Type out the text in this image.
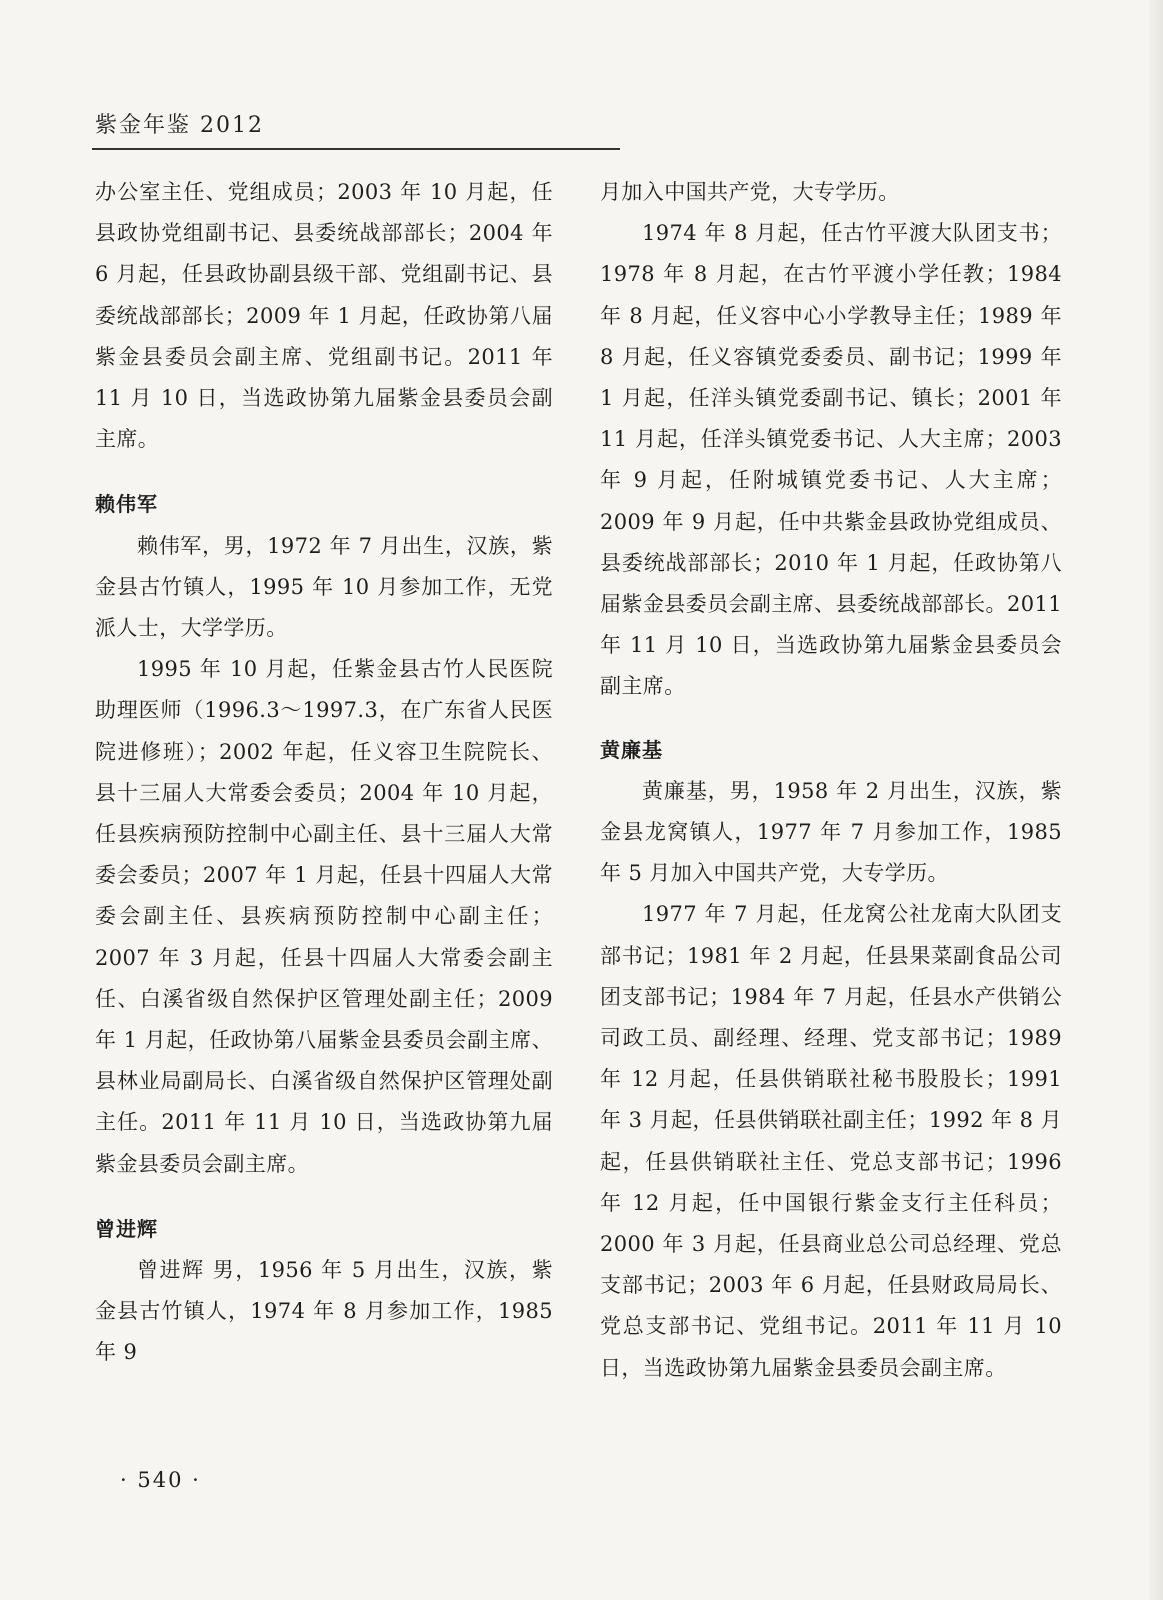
紫金年鉴 2012

办公室主任、党组成员；2003 年 10 月起，任县政协党组副书记、县委统战部部长；2004 年 6 月起，任县政协副县级干部、党组副书记、县委统战部部长；2009 年 1 月起，任政协第八届紫金县委员会副主席、党组副书记。2011 年 11 月 10 日，当选政协第九届紫金县委员会副主席。

赖伟军

赖伟军，男，1972 年 7 月出生，汉族，紫金县古竹镇人，1995 年 10 月参加工作，无党派人士，大学学历。

1995 年 10 月起，任紫金县古竹人民医院助理医师（1996.3～1997.3，在广东省人民医院进修班）；2002 年起，任义容卫生院院长、县十三届人大常委会委员；2004 年 10 月起，任县疾病预防控制中心副主任、县十三届人大常委会委员；2007 年 1 月起，任县十四届人大常委会副主任、县疾病预防控制中心副主任；2007 年 3 月起，任县十四届人大常委会副主任、白溪省级自然保护区管理处副主任；2009 年 1 月起，任政协第八届紫金县委员会副主席、县林业局副局长、白溪省级自然保护区管理处副主任。2011 年 11 月 10 日，当选政协第九届紫金县委员会副主席。

曾进辉

曾进辉 男，1956 年 5 月出生，汉族，紫金县古竹镇人，1974 年 8 月参加工作，1985 年 9

月加入中国共产党，大专学历。

1974 年 8 月起，任古竹平渡大队团支书；1978 年 8 月起，在古竹平渡小学任教；1984 年 8 月起，任义容中心小学教导主任；1989 年 8 月起，任义容镇党委委员、副书记；1999 年 1 月起，任洋头镇党委副书记、镇长；2001 年 11 月起，任洋头镇党委书记、人大主席；2003 年 9 月起，任附城镇党委书记、人大主席；2009 年 9 月起，任中共紫金县政协党组成员、县委统战部部长；2010 年 1 月起，任政协第八届紫金县委员会副主席、县委统战部部长。2011 年 11 月 10 日，当选政协第九届紫金县委员会副主席。

黄廉基

黄廉基，男，1958 年 2 月出生，汉族，紫金县龙窝镇人，1977 年 7 月参加工作，1985 年 5 月加入中国共产党，大专学历。

1977 年 7 月起，任龙窝公社龙南大队团支部书记；1981 年 2 月起，任县果菜副食品公司团支部书记；1984 年 7 月起，任县水产供销公司政工员、副经理、经理、党支部书记；1989 年 12 月起，任县供销联社秘书股股长；1991 年 3 月起，任县供销联社副主任；1992 年 8 月起，任县供销联社主任、党总支部书记；1996 年 12 月起，任中国银行紫金支行主任科员；2000 年 3 月起，任县商业总公司总经理、党总支部书记；2003 年 6 月起，任县财政局局长、党总支部书记、党组书记。2011 年 11 月 10 日，当选政协第九届紫金县委员会副主席。

· 540 ·
